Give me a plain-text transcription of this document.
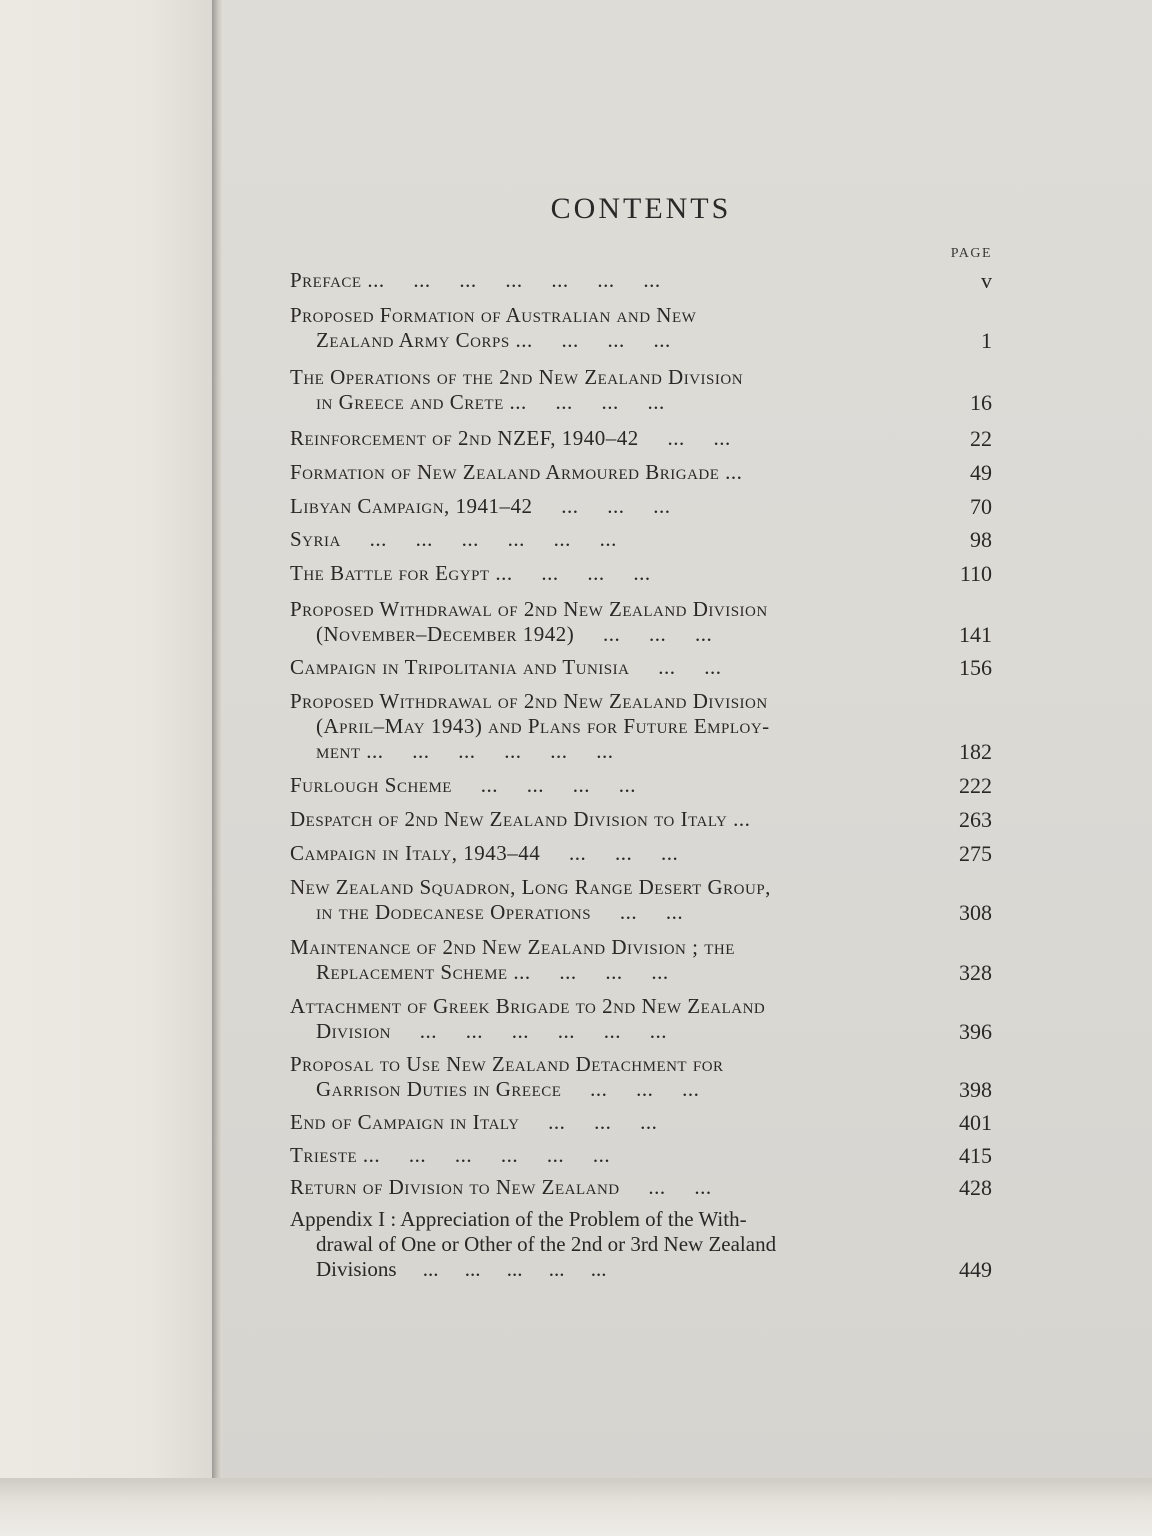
CONTENTS
PAGE
Preface ...     ...     ...     ...     ...     ...     ...	v
Proposed Formation of Australian and New
Zealand Army Corps ...     ...     ...     ...	1
The Operations of the 2nd New Zealand Division
in Greece and Crete ...     ...     ...     ...	16
Reinforcement of 2nd NZEF, 1940–42     ...     ...	22
Formation of New Zealand Armoured Brigade ...	49
Libyan Campaign, 1941–42     ...     ...     ...	70
Syria     ...     ...     ...     ...     ...     ...	98
The Battle for Egypt ...     ...     ...     ...	110
Proposed Withdrawal of 2nd New Zealand Division
(November–December 1942)     ...     ...     ...	141
Campaign in Tripolitania and Tunisia     ...     ...	156
Proposed Withdrawal of 2nd New Zealand Division
(April–May 1943) and Plans for Future Employ-
ment ...     ...     ...     ...     ...     ...	182
Furlough Scheme     ...     ...     ...     ...	222
Despatch of 2nd New Zealand Division to Italy ...	263
Campaign in Italy, 1943–44     ...     ...     ...	275
New Zealand Squadron, Long Range Desert Group,
in the Dodecanese Operations     ...     ...	308
Maintenance of 2nd New Zealand Division ; the
Replacement Scheme ...     ...     ...     ...	328
Attachment of Greek Brigade to 2nd New Zealand
Division     ...     ...     ...     ...     ...     ...	396
Proposal to Use New Zealand Detachment for
Garrison Duties in Greece     ...     ...     ...	398
End of Campaign in Italy     ...     ...     ...	401
Trieste ...     ...     ...     ...     ...     ...	415
Return of Division to New Zealand     ...     ...	428
Appendix I : Appreciation of the Problem of the With-
drawal of One or Other of the 2nd or 3rd New Zealand
Divisions     ...     ...     ...     ...     ...	449
